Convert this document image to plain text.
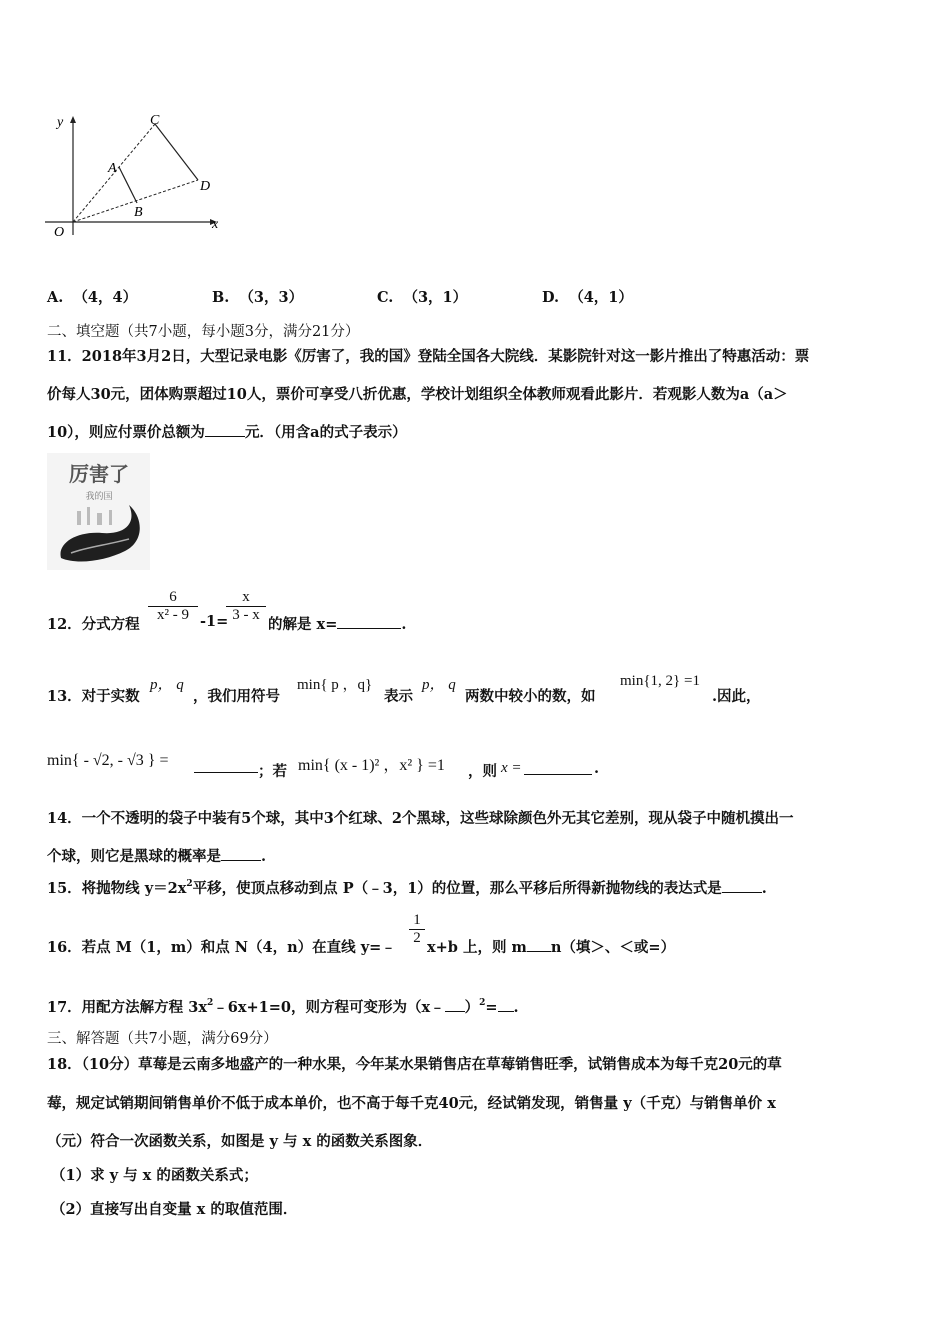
y
x
O
A
B
C
D
A. （4，4）	B. （3，3）	C. （3，1）	D. （4，1）
二、填空题（共7小题，每小题3分，满分21分）
11．2018年3月2日，大型记录电影《厉害了，我的国》登陆全国各大院线．某影院针对这一影片推出了特惠活动：票
价每人30元，团体购票超过10人，票价可享受八折优惠，学校计划组织全体教师观看此影片．若观影人数为a（a＞
10），则应付票价总额为	元．（用含a的式子表示）
厉害了
我的国
12．分式方程
$\frac{6}{\text{x² - 9}} -1=$
$\frac{x}{3 - x}$
的解是 x=	.
13．对于实数
p， q
，我们用符号
min{ p ，q}
表示
p， q
两数中较小的数，如
min{1, 2} =1
.因此，
min{ - √2, - √3 } =
；若 min{ (x - 1)² ，x² } =1 ，则 x =	.
14．一个不透明的袋子中装有5个球，其中3个红球、2个黑球，这些球除颜色外无其它差别，现从袋子中随机摸出一
个球，则它是黑球的概率是	.
15．将抛物线 $y=2x^2$平移，使顶点移动到点 P（﹣3，1）的位置，那么平移后所得新抛物线的表达式是	.
16．若点 M（1，m）和点 N（4，n）在直线 y=﹣
$\frac{1}{2}$
x+b 上，则 m n（填＞、＜或=）
17．用配方法解方程 $3x^2﹣6x+1=0$，则方程可变形为（x﹣ ）$^2$= .
三、解答题（共7小题，满分69分）
18．（10分）草莓是云南多地盛产的一种水果，今年某水果销售店在草莓销售旺季，试销售成本为每千克20元的草
莓，规定试销期间销售单价不低于成本单价，也不高于每千克40元，经试销发现，销售量 y（千克）与销售单价 x
（元）符合一次函数关系，如图是 y 与 x 的函数关系图象．
（1）求 y 与 x 的函数关系式；
（2）直接写出自变量 x 的取值范围．
